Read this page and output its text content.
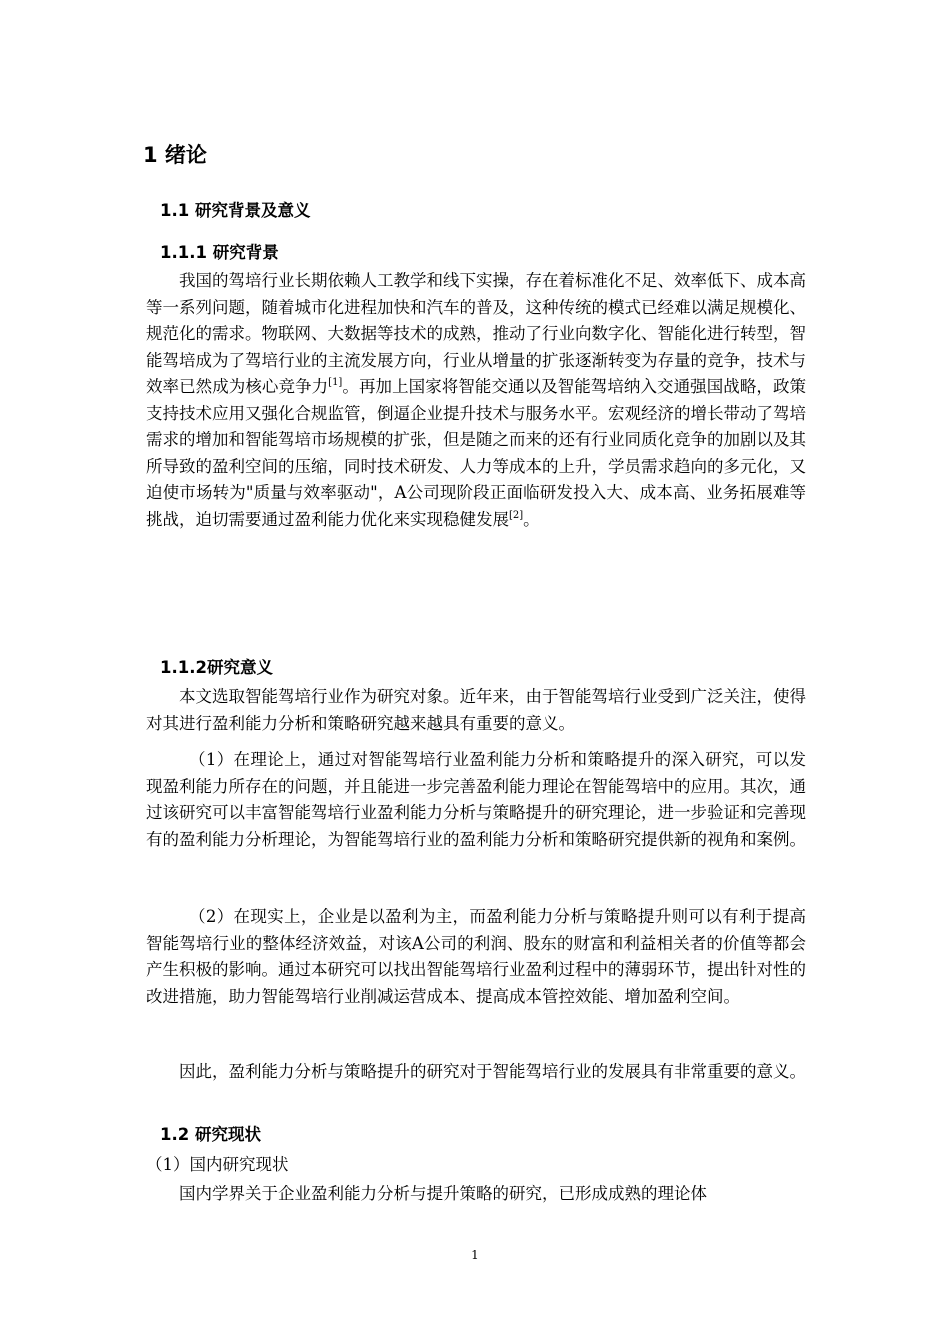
1 绪论
1.1 研究背景及意义
1.1.1 研究背景
我国的驾培行业长期依赖人工教学和线下实操，存在着标准化不足、效率低下、成本高等一系列问题，随着城市化进程加快和汽车的普及，这种传统的模式已经难以满足规模化、规范化的需求。物联网、大数据等技术的成熟，推动了行业向数字化、智能化进行转型，智能驾培成为了驾培行业的主流发展方向，行业从增量的扩张逐渐转变为存量的竞争，技术与效率已然成为核心竞争力[1]。再加上国家将智能交通以及智能驾培纳入交通强国战略，政策支持技术应用又强化合规监管，倒逼企业提升技术与服务水平。宏观经济的增长带动了驾培需求的增加和智能驾培市场规模的扩张，但是随之而来的还有行业同质化竞争的加剧以及其所导致的盈利空间的压缩，同时技术研发、人力等成本的上升，学员需求趋向的多元化，又迫使市场转为"质量与效率驱动"，A公司现阶段正面临研发投入大、成本高、业务拓展难等挑战，迫切需要通过盈利能力优化来实现稳健发展[2]。
1.1.2研究意义
本文选取智能驾培行业作为研究对象。近年来，由于智能驾培行业受到广泛关注，使得对其进行盈利能力分析和策略研究越来越具有重要的意义。
（1）在理论上，通过对智能驾培行业盈利能力分析和策略提升的深入研究，可以发现盈利能力所存在的问题，并且能进一步完善盈利能力理论在智能驾培中的应用。其次，通过该研究可以丰富智能驾培行业盈利能力分析与策略提升的研究理论，进一步验证和完善现有的盈利能力分析理论，为智能驾培行业的盈利能力分析和策略研究提供新的视角和案例。
（2）在现实上，企业是以盈利为主，而盈利能力分析与策略提升则可以有利于提高智能驾培行业的整体经济效益，对该A公司的利润、股东的财富和利益相关者的价值等都会产生积极的影响。通过本研究可以找出智能驾培行业盈利过程中的薄弱环节，提出针对性的改进措施，助力智能驾培行业削减运营成本、提高成本管控效能、增加盈利空间。
因此，盈利能力分析与策略提升的研究对于智能驾培行业的发展具有非常重要的意义。
1.2 研究现状
（1）国内研究现状
国内学界关于企业盈利能力分析与提升策略的研究，已形成成熟的理论体
1
